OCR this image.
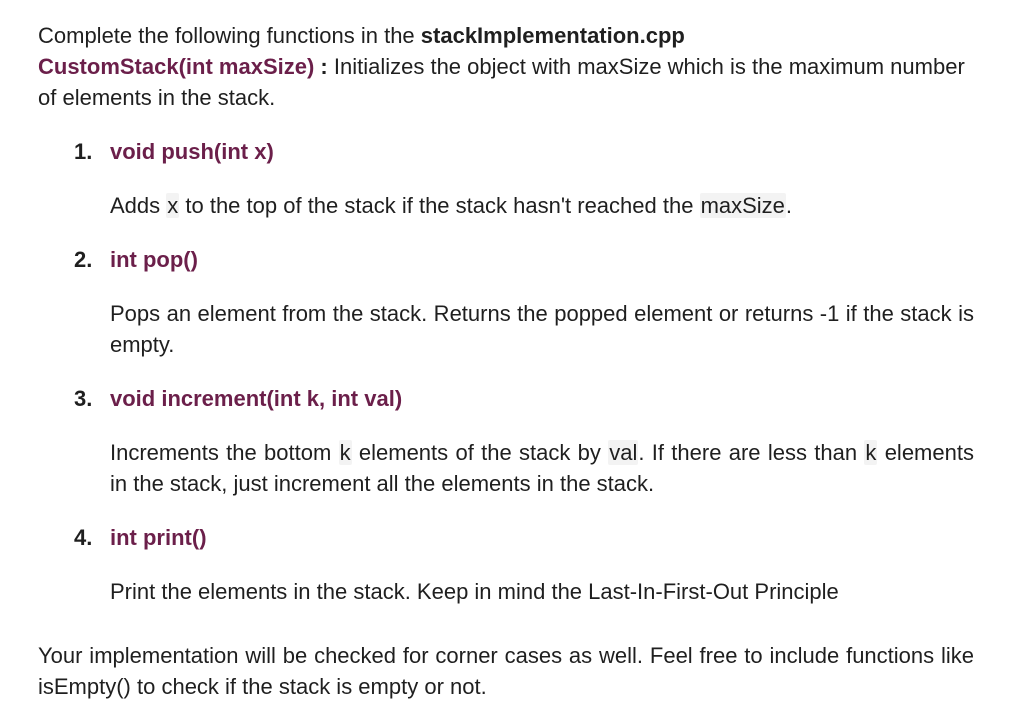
Complete the following functions in the stackImplementation.cpp

CustomStack(int maxSize) : Initializes the object with maxSize which is the maximum number of elements in the stack.

1. void push(int x)

Adds x to the top of the stack if the stack hasn't reached the maxSize.

2. int pop()

Pops an element from the stack. Returns the popped element or returns -1 if the stack is empty.

3. void increment(int k, int val)

Increments the bottom k elements of the stack by val. If there are less than k elements in the stack, just increment all the elements in the stack.

4. int print()

Print the elements in the stack. Keep in mind the Last-In-First-Out Principle

Your implementation will be checked for corner cases as well. Feel free to include functions like isEmpty() to check if the stack is empty or not.
